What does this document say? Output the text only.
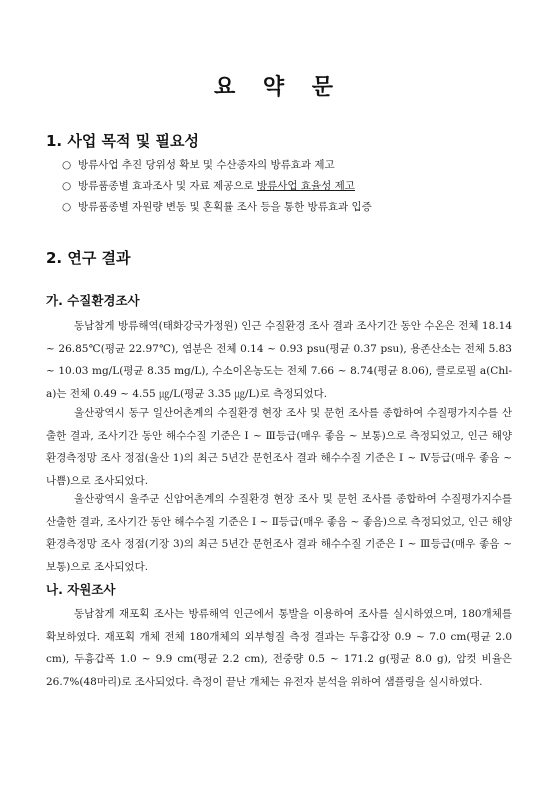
요 약 문
1. 사업 목적 및 필요성
○ 방류사업 추진 당위성 확보 및 수산종자의 방류효과 제고
○ 방류품종별 효과조사 및 자료 제공으로 방류사업 효율성 제고
○ 방류품종별 자원량 변동 및 혼획률 조사 등을 통한 방류효과 입증
2. 연구 결과
가. 수질환경조사
동남참게 방류해역(태화강국가정원) 인근 수질환경 조사 결과 조사기간 동안 수온은 전체 18.14 ~ 26.85℃(평균 22.97℃), 염분은 전체 0.14 ~ 0.93 psu(평균 0.37 psu), 용존산소는 전체 5.83 ~ 10.03 mg/L(평균 8.35 mg/L), 수소이온농도는 전체 7.66 ~ 8.74(평균 8.06), 클로로필 a(Chl-a)는 전체 0.49 ~ 4.55 ㎍/L(평균 3.35 ㎍/L)로 측정되었다.
울산광역시 동구 일산어촌계의 수질환경 현장 조사 및 문헌 조사를 종합하여 수질평가지수를 산출한 결과, 조사기간 동안 해수수질 기준은 Ⅰ ~ Ⅲ등급(매우 좋음 ~ 보통)으로 측정되었고, 인근 해양환경측정망 조사 정점(울산 1)의 최근 5년간 문헌조사 결과 해수수질 기준은 Ⅰ ~ Ⅳ등급(매우 좋음 ~ 나쁨)으로 조사되었다.
울산광역시 울주군 신암어촌계의 수질환경 현장 조사 및 문헌 조사를 종합하여 수질평가지수를 산출한 결과, 조사기간 동안 해수수질 기준은 Ⅰ ~ Ⅱ등급(매우 좋음 ~ 좋음)으로 측정되었고, 인근 해양환경측정망 조사 정점(기장 3)의 최근 5년간 문헌조사 결과 해수수질 기준은 Ⅰ ~ Ⅲ등급(매우 좋음 ~ 보통)으로 조사되었다.
나. 자원조사
동남참게 재포획 조사는 방류해역 인근에서 통발을 이용하여 조사를 실시하였으며, 180개체를 확보하였다. 재포획 개체 전체 180개체의 외부형질 측정 결과는 두흉갑장 0.9 ~ 7.0 cm(평균 2.0 cm), 두흉갑폭 1.0 ~ 9.9 cm(평균 2.2 cm), 전중량 0.5 ~ 171.2 g(평균 8.0 g), 암컷 비율은 26.7%(48마리)로 조사되었다. 측정이 끝난 개체는 유전자 분석을 위하여 샘플링을 실시하였다.
